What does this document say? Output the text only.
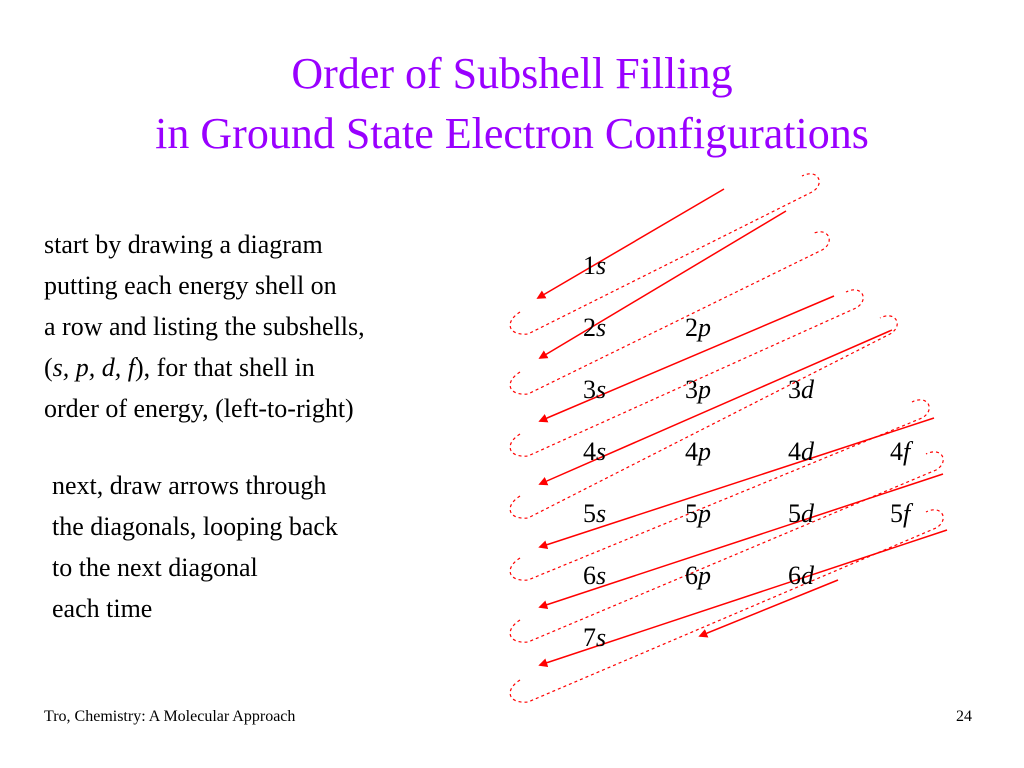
Order of Subshell Filling
in Ground State Electron Configurations
start by drawing a diagram
putting each energy shell on
a row and listing the subshells,
(s, p, d, f), for that shell in
order of energy, (left-to-right)
next, draw arrows through
the diagonals, looping back
to the next diagonal
each time
1s
2s	2p
3s	3p	3d
4s	4p	4d	4f
5s	5p	5d	5f
6s	6p	6d
7s
Tro, Chemistry: A Molecular Approach	24
